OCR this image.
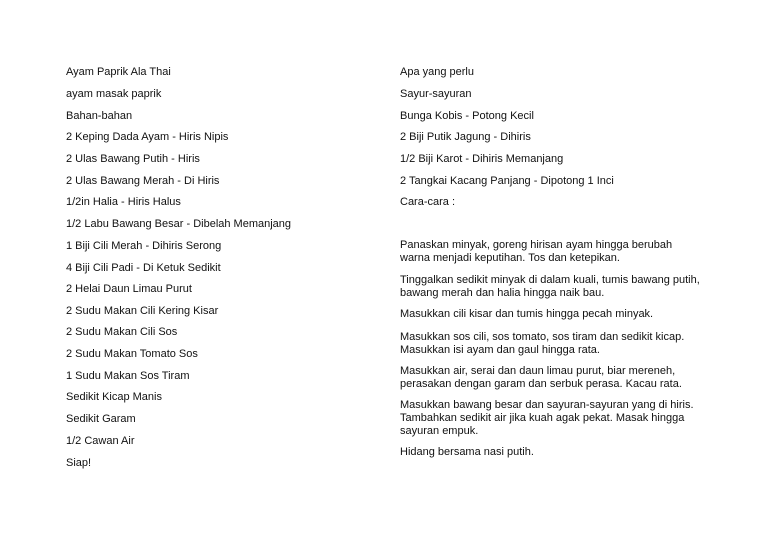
Ayam Paprik Ala Thai
ayam masak paprik
Bahan-bahan
2 Keping Dada Ayam - Hiris Nipis
2 Ulas Bawang Putih - Hiris
2 Ulas Bawang Merah - Di Hiris
1/2in Halia - Hiris Halus
1/2 Labu Bawang Besar - Dibelah Memanjang
1 Biji Cili Merah - Dihiris Serong
4 Biji Cili Padi - Di Ketuk Sedikit
2 Helai Daun Limau Purut
2 Sudu Makan Cili Kering Kisar
2 Sudu Makan Cili Sos
2 Sudu Makan Tomato Sos
1 Sudu Makan Sos Tiram
Sedikit Kicap Manis
Sedikit Garam
1/2 Cawan Air
Siap!
Apa yang perlu
Sayur-sayuran
Bunga Kobis - Potong Kecil
2 Biji Putik Jagung - Dihiris
1/2 Biji Karot - Dihiris Memanjang
2 Tangkai Kacang Panjang - Dipotong 1 Inci
Cara-cara :
Panaskan minyak, goreng hirisan ayam hingga berubah
warna menjadi keputihan. Tos dan ketepikan.
Tinggalkan sedikit minyak di dalam kuali, tumis bawang putih,
bawang merah dan halia hingga naik bau.
Masukkan cili kisar dan tumis hingga pecah minyak.
Masukkan sos cili, sos tomato, sos tiram dan sedikit kicap.
Masukkan isi ayam dan gaul hingga rata.
Masukkan air, serai dan daun limau purut, biar mereneh,
perasakan dengan garam dan serbuk perasa. Kacau rata.
Masukkan bawang besar dan sayuran-sayuran yang di hiris.
Tambahkan sedikit air jika kuah agak pekat. Masak hingga
sayuran empuk.
Hidang bersama nasi putih.
